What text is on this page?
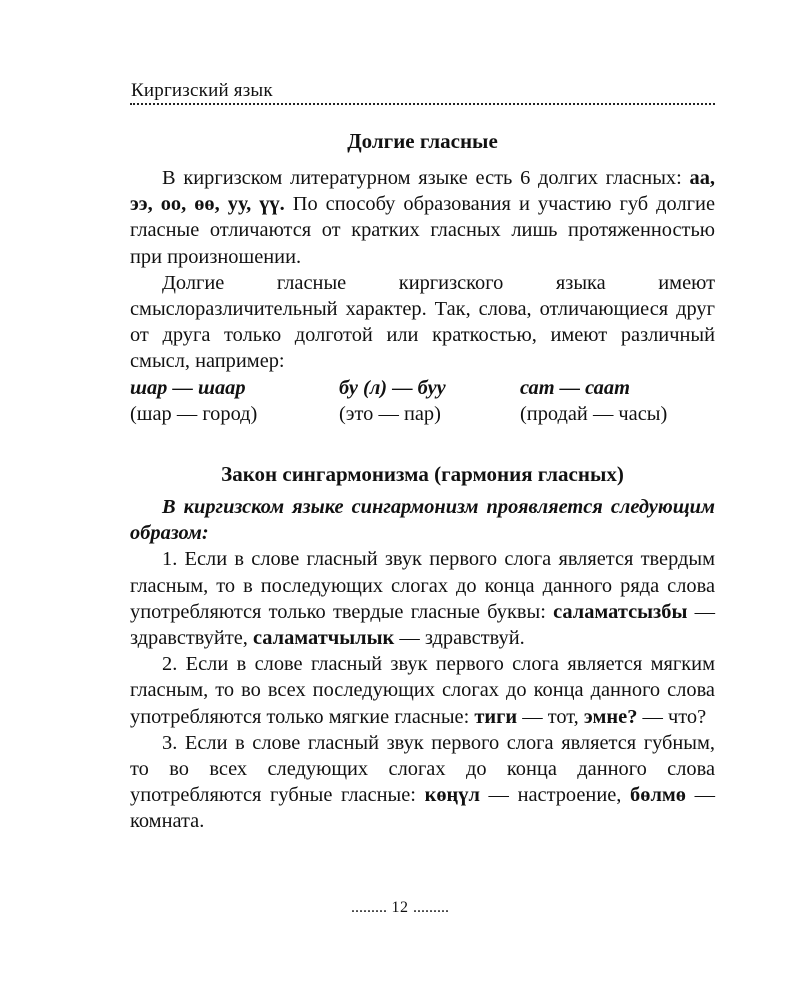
Киргизский язык
Долгие гласные

В киргизском литературном языке есть 6 долгих гласных: аа, ээ, оо, өө, уу, үү. По способу образования и участию губ долгие гласные отличаются от кратких гласных лишь протяженностью при произношении.

Долгие гласные киргизского языка имеют смыслоразличительный характер. Так, слова, отличающиеся друг от друга только долготой или краткостью, имеют различный смысл, например:

шар — шаар	бу (л) — буу	сат — саат
(шар — город)	(это — пар)	(продай — часы)
Закон сингармонизма (гармония гласных)

В киргизском языке сингармонизм проявляется следующим образом:

1. Если в слове гласный звук первого слога является твердым гласным, то в последующих слогах до конца данного ряда слова употребляются только твердые гласные буквы: саламатсызбы — здравствуйте, саламатчылык — здравствуй.

2. Если в слове гласный звук первого слога является мягким гласным, то во всех последующих слогах до конца данного слова употребляются только мягкие гласные: тиги — тот, эмне? — что?

3. Если в слове гласный звук первого слога является губным, то во всех следующих слогах до конца данного слова употребляются губные гласные: көңүл — настроение, бөлмө — комната.

......... 12 .........
